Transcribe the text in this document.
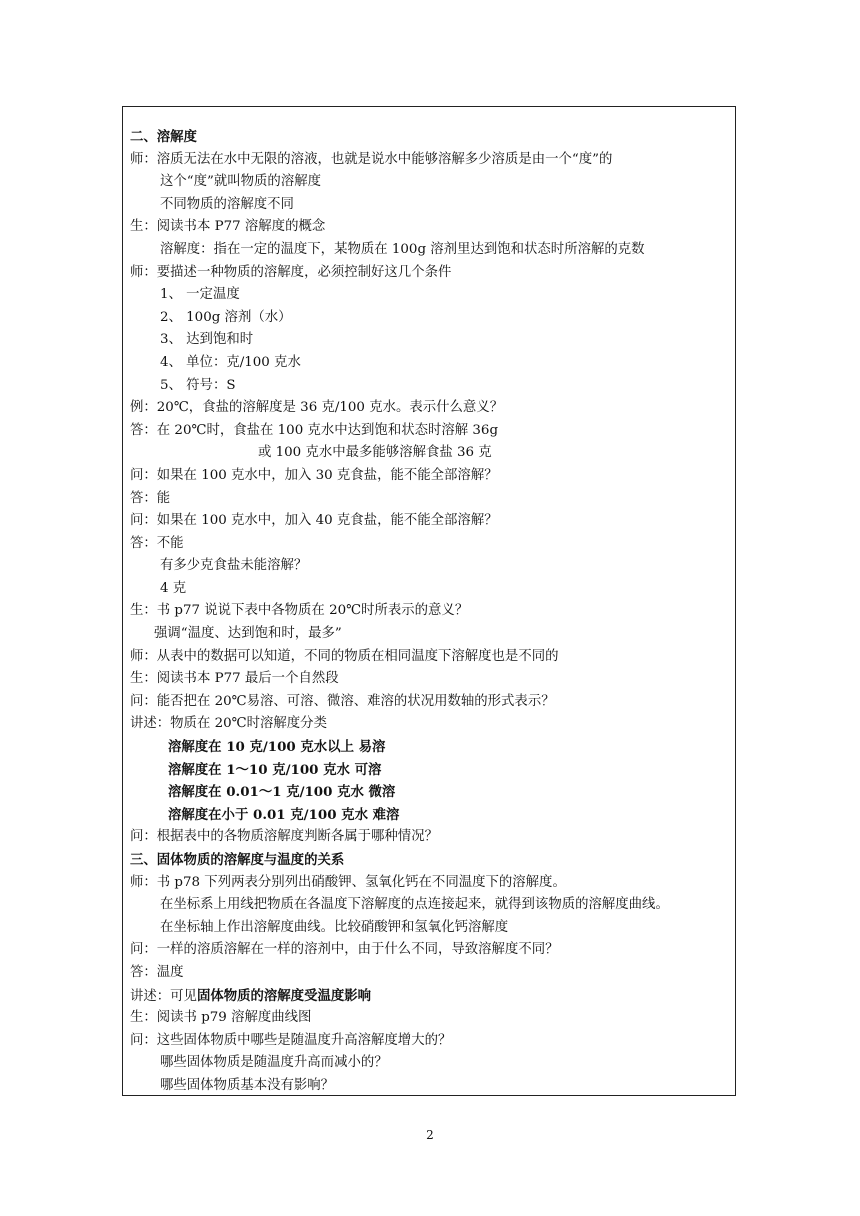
二、溶解度
师：溶质无法在水中无限的溶液，也就是说水中能够溶解多少溶质是由一个“度”的
这个“度”就叫物质的溶解度
不同物质的溶解度不同
生：阅读书本 P77 溶解度的概念
溶解度：指在一定的温度下，某物质在 100g 溶剂里达到饱和状态时所溶解的克数
师：要描述一种物质的溶解度，必须控制好这几个条件
1、 一定温度
2、 100g 溶剂（水）
3、 达到饱和时
4、 单位：克/100 克水
5、 符号：S
例：20℃，食盐的溶解度是 36 克/100 克水。表示什么意义？
答：在 20℃时，食盐在 100 克水中达到饱和状态时溶解 36g
或 100 克水中最多能够溶解食盐 36 克
问：如果在 100 克水中，加入 30 克食盐，能不能全部溶解？
答：能
问：如果在 100 克水中，加入 40 克食盐，能不能全部溶解？
答：不能
有多少克食盐未能溶解？
4 克
生：书 p77 说说下表中各物质在 20℃时所表示的意义？
强调“温度、达到饱和时，最多”
师：从表中的数据可以知道，不同的物质在相同温度下溶解度也是不同的
生：阅读书本 P77 最后一个自然段
问：能否把在 20℃易溶、可溶、微溶、难溶的状况用数轴的形式表示？
讲述：物质在 20℃时溶解度分类
溶解度在 10 克/100 克水以上 易溶
溶解度在 1～10 克/100 克水 可溶
溶解度在 0.01～1 克/100 克水 微溶
溶解度在小于 0.01 克/100 克水 难溶
问：根据表中的各物质溶解度判断各属于哪种情况？
三、固体物质的溶解度与温度的关系
师：书 p78 下列两表分别列出硝酸钾、氢氧化钙在不同温度下的溶解度。
在坐标系上用线把物质在各温度下溶解度的点连接起来，就得到该物质的溶解度曲线。
在坐标轴上作出溶解度曲线。比较硝酸钾和氢氧化钙溶解度
问：一样的溶质溶解在一样的溶剂中，由于什么不同，导致溶解度不同？
答：温度
讲述：可见固体物质的溶解度受温度影响
生：阅读书 p79 溶解度曲线图
问：这些固体物质中哪些是随温度升高溶解度增大的？
哪些固体物质是随温度升高而减小的？
哪些固体物质基本没有影响？
2
